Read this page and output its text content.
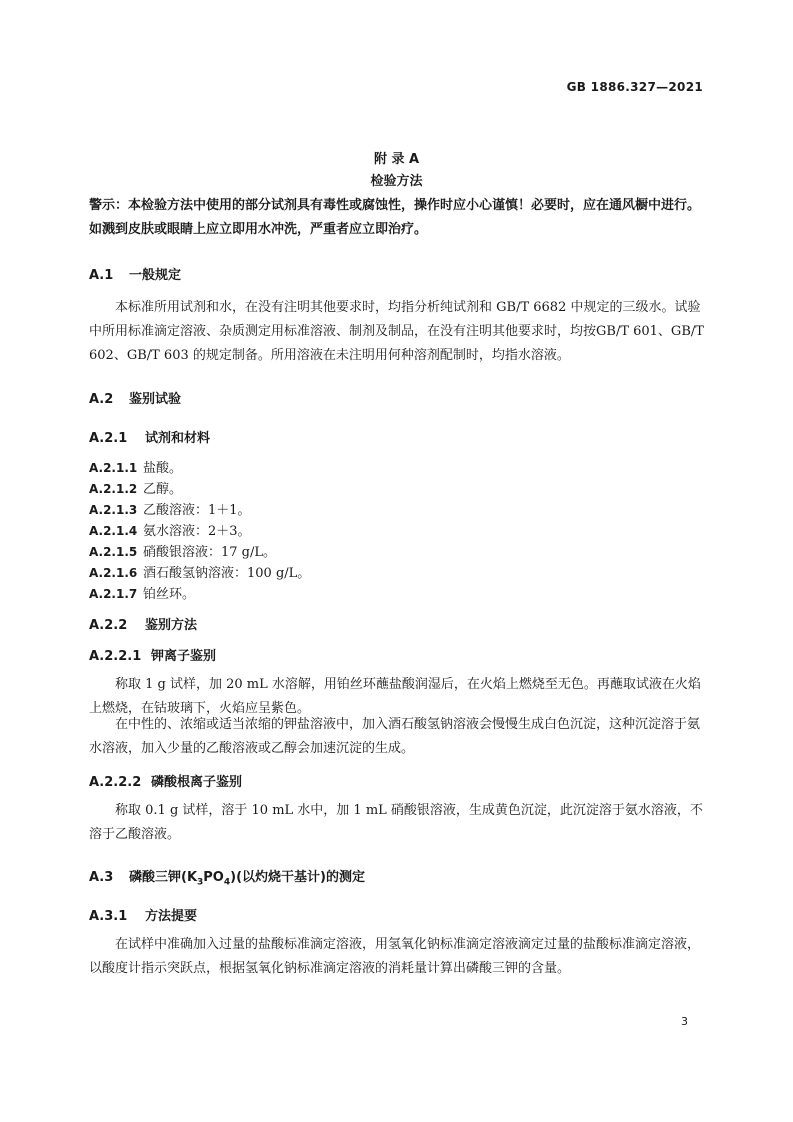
GB 1886.327—2021
附 录 A
检验方法
警示：本检验方法中使用的部分试剂具有毒性或腐蚀性，操作时应小心谨慎！必要时，应在通风橱中进行。如溅到皮肤或眼睛上应立即用水冲洗，严重者应立即治疗。
A.1 一般规定
本标准所用试剂和水，在没有注明其他要求时，均指分析纯试剂和 GB/T 6682 中规定的三级水。试验中所用标准滴定溶液、杂质测定用标准溶液、制剂及制品，在没有注明其他要求时，均按GB/T 601、GB/T 602、GB/T 603 的规定制备。所用溶液在未注明用何种溶剂配制时，均指水溶液。
A.2 鉴别试验
A.2.1 试剂和材料
A.2.1.1 盐酸。
A.2.1.2 乙醇。
A.2.1.3 乙酸溶液：1＋1。
A.2.1.4 氨水溶液：2＋3。
A.2.1.5 硝酸银溶液：17 g/L。
A.2.1.6 酒石酸氢钠溶液：100 g/L。
A.2.1.7 铂丝环。
A.2.2 鉴别方法
A.2.2.1 钾离子鉴别
称取 1 g 试样，加 20 mL 水溶解，用铂丝环蘸盐酸润湿后，在火焰上燃烧至无色。再蘸取试液在火焰上燃烧，在钴玻璃下，火焰应呈紫色。
在中性的、浓缩或适当浓缩的钾盐溶液中，加入酒石酸氢钠溶液会慢慢生成白色沉淀，这种沉淀溶于氨水溶液，加入少量的乙酸溶液或乙醇会加速沉淀的生成。
A.2.2.2 磷酸根离子鉴别
称取 0.1 g 试样，溶于 10 mL 水中，加 1 mL 硝酸银溶液，生成黄色沉淀，此沉淀溶于氨水溶液，不溶于乙酸溶液。
A.3 磷酸三钾$(K_3PO_4)$(以灼烧干基计)的测定
A.3.1 方法提要
在试样中准确加入过量的盐酸标准滴定溶液，用氢氧化钠标准滴定溶液滴定过量的盐酸标准滴定溶液，以酸度计指示突跃点，根据氢氧化钠标准滴定溶液的消耗量计算出磷酸三钾的含量。
3
